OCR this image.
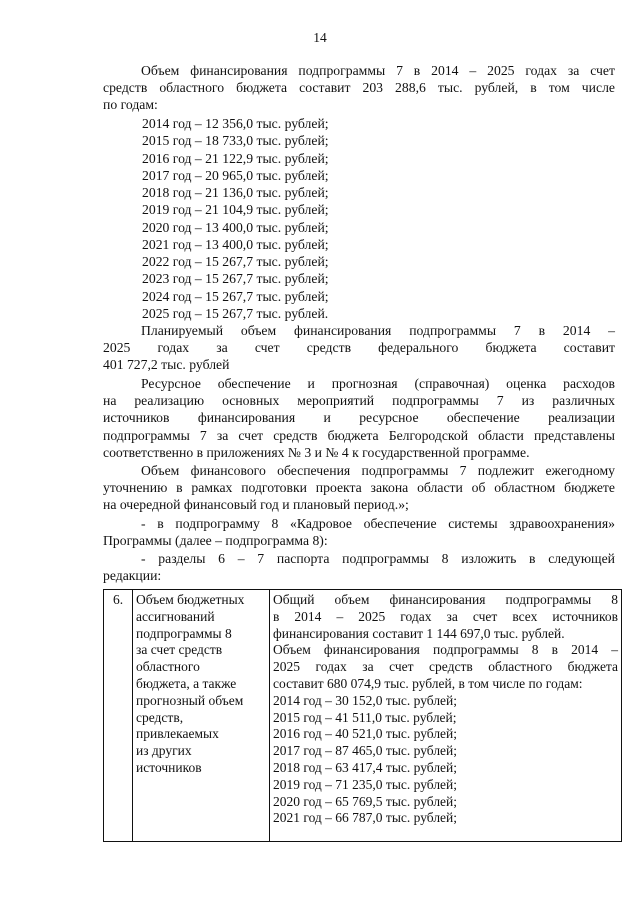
14
Объем финансирования подпрограммы 7 в 2014 – 2025 годах за счет
средств областного бюджета составит 203 288,6 тыс. рублей, в том числе
по годам:
2014 год – 12 356,0 тыс. рублей;
2015 год – 18 733,0 тыс. рублей;
2016 год – 21 122,9 тыс. рублей;
2017 год – 20 965,0 тыс. рублей;
2018 год – 21 136,0 тыс. рублей;
2019 год – 21 104,9 тыс. рублей;
2020 год – 13 400,0 тыс. рублей;
2021 год – 13 400,0 тыс. рублей;
2022 год – 15 267,7 тыс. рублей;
2023 год – 15 267,7 тыс. рублей;
2024 год – 15 267,7 тыс. рублей;
2025 год – 15 267,7 тыс. рублей.
Планируемый объем финансирования подпрограммы 7 в 2014 –
2025 годах за счет средств федерального бюджета составит
401 727,2 тыс. рублей
Ресурсное обеспечение и прогнозная (справочная) оценка расходов
на реализацию основных мероприятий подпрограммы 7 из различных
источников финансирования и ресурсное обеспечение реализации
подпрограммы 7 за счет средств бюджета Белгородской области представлены
соответственно в приложениях № 3 и № 4 к государственной программе.
Объем финансового обеспечения подпрограммы 7 подлежит ежегодному
уточнению в рамках подготовки проекта закона области об областном бюджете
на очередной финансовый год и плановый период.»;
- в подпрограмму 8 «Кадровое обеспечение системы здравоохранения»
Программы (далее – подпрограмма 8):
- разделы 6 – 7 паспорта подпрограммы 8 изложить в следующей
редакции:
6.	Объем бюджетных
ассигнований
подпрограммы 8
за счет средств
областного
бюджета, а также
прогнозный объем
средств,
привлекаемых
из других
источников

Общий объем финансирования подпрограммы 8
в 2014 – 2025 годах за счет всех источников
финансирования составит 1 144 697,0 тыс. рублей.
Объем финансирования подпрограммы 8 в 2014 –
2025 годах за счет средств областного бюджета
составит 680 074,9 тыс. рублей, в том числе по годам:
2014 год – 30 152,0 тыс. рублей;
2015 год – 41 511,0 тыс. рублей;
2016 год – 40 521,0 тыс. рублей;
2017 год – 87 465,0 тыс. рублей;
2018 год – 63 417,4 тыс. рублей;
2019 год – 71 235,0 тыс. рублей;
2020 год – 65 769,5 тыс. рублей;
2021 год – 66 787,0 тыс. рублей;
